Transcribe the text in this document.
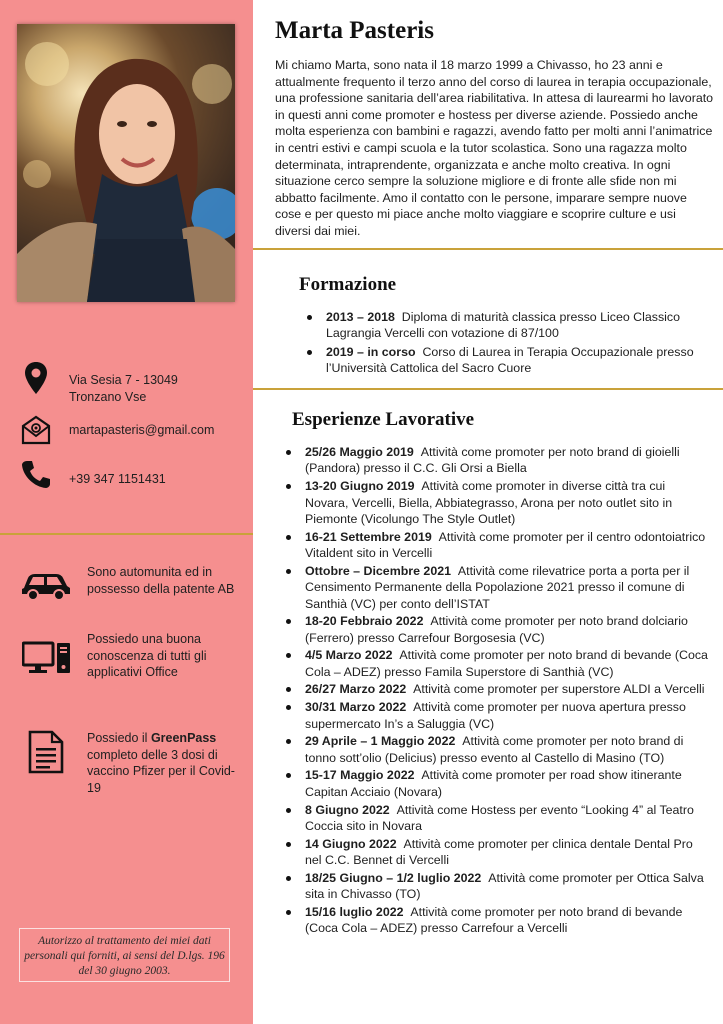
Via Sesia 7 - 13049
Tronzano Vse
martapasteris@gmail.com
+39 347 1151431
Sono automunita ed in possesso della patente AB
Possiedo una buona conoscenza di tutti gli applicativi Office
Possiedo il GreenPass completo delle 3 dosi di vaccino Pfizer per il Covid-19
Autorizzo al trattamento dei miei dati personali qui forniti, ai sensi del D.lgs. 196 del 30 giugno 2003.
Marta Pasteris
Mi chiamo Marta, sono nata il 18 marzo 1999 a Chivasso, ho 23 anni e attualmente frequento il terzo anno del corso di laurea in terapia occupazionale, una professione sanitaria dell’area riabilitativa. In attesa di laurearmi ho lavorato in questi anni come promoter e hostess per diverse aziende. Possiedo anche molta esperienza con bambini e ragazzi, avendo fatto per molti anni l’animatrice in centri estivi e campi scuola e la tutor scolastica. Sono una ragazza molto determinata, intraprendente, organizzata e anche molto creativa. In ogni situazione cerco sempre la soluzione migliore e di fronte alle sfide non mi abbatto facilmente. Amo il contatto con le persone, imparare sempre nuove cose e per questo mi piace anche molto viaggiare e scoprire culture e usi diversi dai miei.
Formazione
2013 – 2018 Diploma di maturità classica presso Liceo Classico Lagrangia Vercelli con votazione di 87/100
2019 – in corso Corso di Laurea in Terapia Occupazionale presso l’Università Cattolica del Sacro Cuore
Esperienze Lavorative
25/26 Maggio 2019 Attività come promoter per noto brand di gioielli (Pandora) presso il C.C. Gli Orsi a Biella
13-20 Giugno 2019 Attività come promoter in diverse città tra cui Novara, Vercelli, Biella, Abbiategrasso, Arona per noto outlet sito in Piemonte (Vicolungo The Style Outlet)
16-21 Settembre 2019 Attività come promoter per il centro odontoiatrico Vitaldent sito in Vercelli
Ottobre – Dicembre 2021 Attività come rilevatrice porta a porta per il Censimento Permanente della Popolazione 2021 presso il comune di Santhià (VC) per conto dell’ISTAT
18-20 Febbraio 2022 Attività come promoter per noto brand dolciario (Ferrero) presso Carrefour Borgosesia (VC)
4/5 Marzo 2022 Attività come promoter per noto brand di bevande (Coca Cola – ADEZ) presso Famila Superstore di Santhià (VC)
26/27 Marzo 2022 Attività come promoter per superstore ALDI a Vercelli
30/31 Marzo 2022 Attività come promoter per nuova apertura presso supermercato In’s a Saluggia (VC)
29 Aprile – 1 Maggio 2022 Attività come promoter per noto brand di tonno sott’olio (Delicius) presso evento al Castello di Masino (TO)
15-17 Maggio 2022 Attività come promoter per road show itinerante Capitan Acciaio (Novara)
8 Giugno 2022 Attività come Hostess per evento “Looking 4” al Teatro Coccia sito in Novara
14 Giugno 2022 Attività come promoter per clinica dentale Dental Pro nel C.C. Bennet di Vercelli
18/25 Giugno – 1/2 luglio 2022 Attività come promoter per Ottica Salva sita in Chivasso (TO)
15/16 luglio 2022 Attività come promoter per noto brand di bevande (Coca Cola – ADEZ) presso Carrefour a Vercelli
